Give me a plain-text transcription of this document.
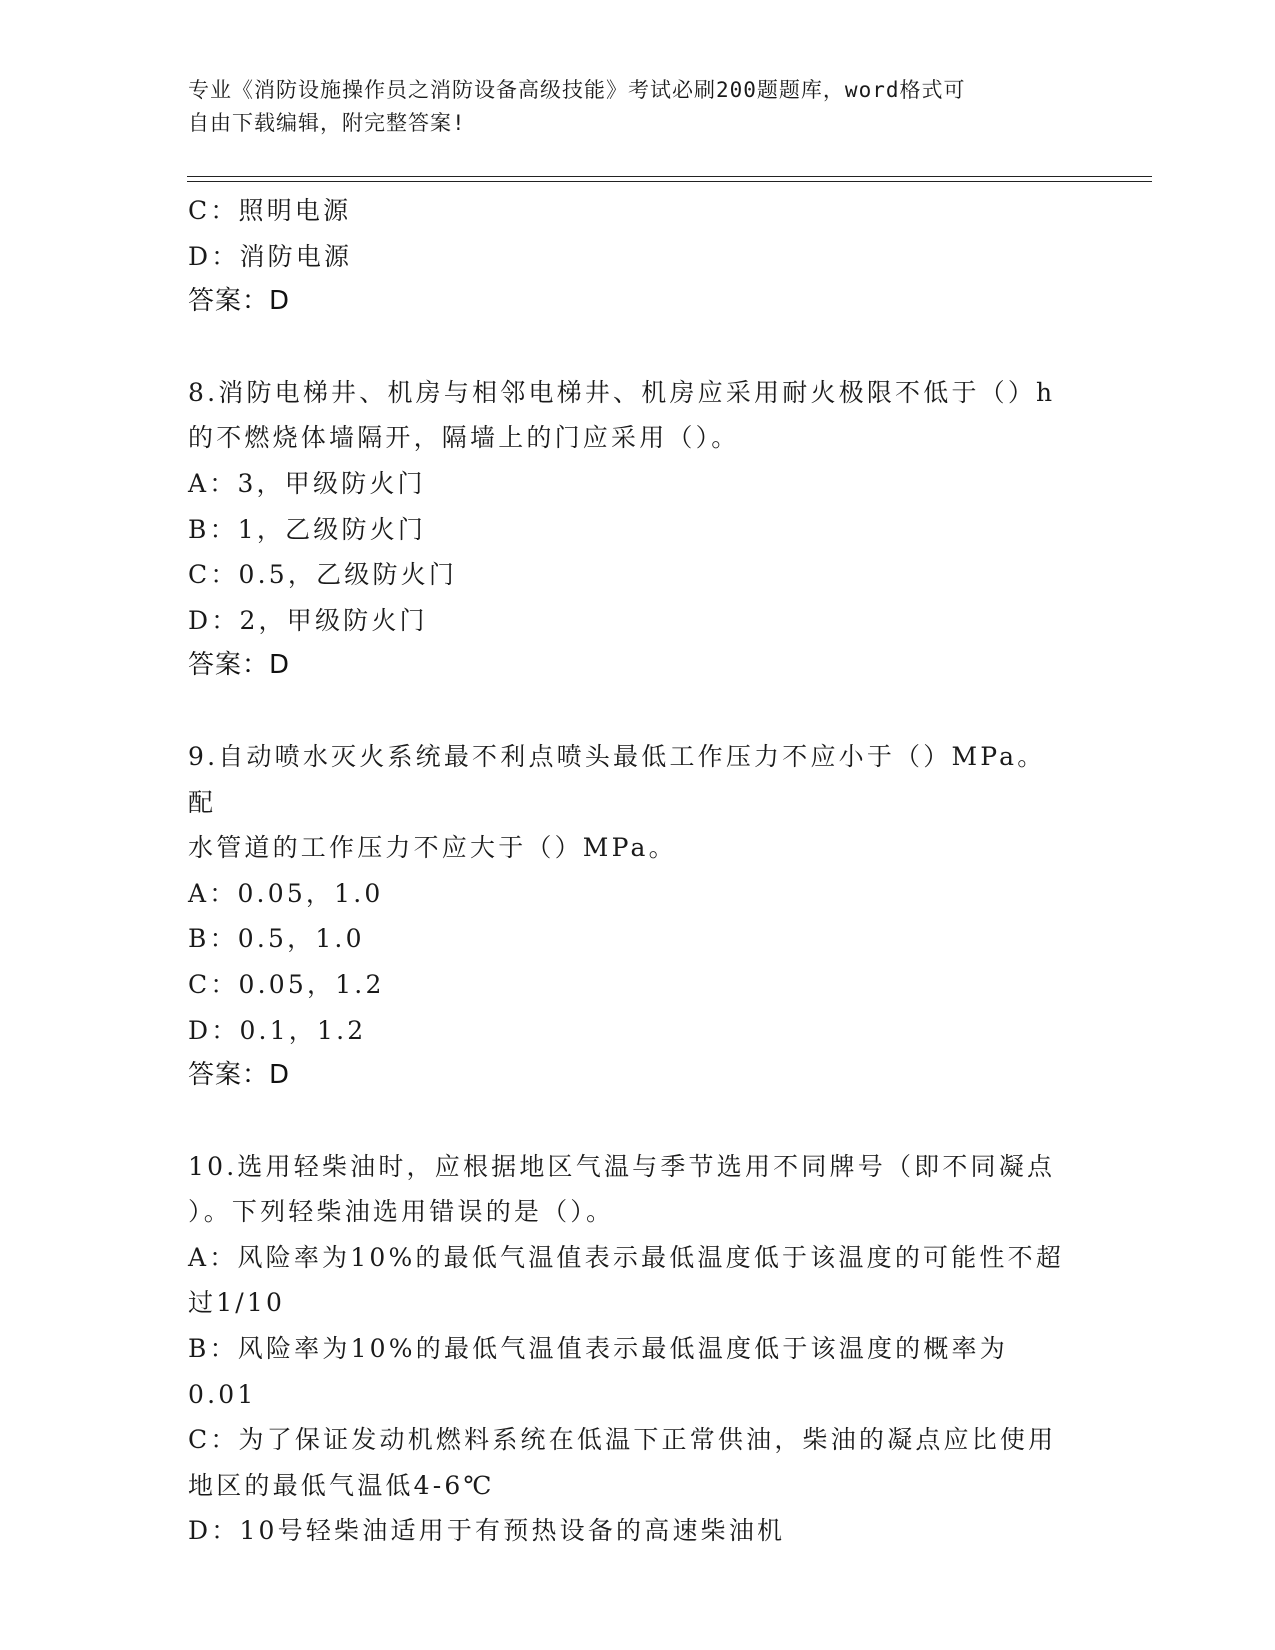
专业《消防设施操作员之消防设备高级技能》考试必刷200题题库，word格式可
自由下载编辑，附完整答案!
C：照明电源
D：消防电源
答案：D
8.消防电梯井、机房与相邻电梯井、机房应采用耐火极限不低于（）h
的不燃烧体墙隔开，隔墙上的门应采用（）。
A：3，甲级防火门
B：1，乙级防火门
C：0.5，乙级防火门
D：2，甲级防火门
答案：D
9.自动喷水灭火系统最不利点喷头最低工作压力不应小于（）MPa。配
水管道的工作压力不应大于（）MPa。
A：0.05，1.0
B：0.5，1.0
C：0.05，1.2
D：0.1，1.2
答案：D
10.选用轻柴油时，应根据地区气温与季节选用不同牌号（即不同凝点
）。下列轻柴油选用错误的是（）。
A：风险率为10%的最低气温值表示最低温度低于该温度的可能性不超
过1/10
B：风险率为10%的最低气温值表示最低温度低于该温度的概率为0.01
C：为了保证发动机燃料系统在低温下正常供油，柴油的凝点应比使用
地区的最低气温低4-6℃
D：10号轻柴油适用于有预热设备的高速柴油机
